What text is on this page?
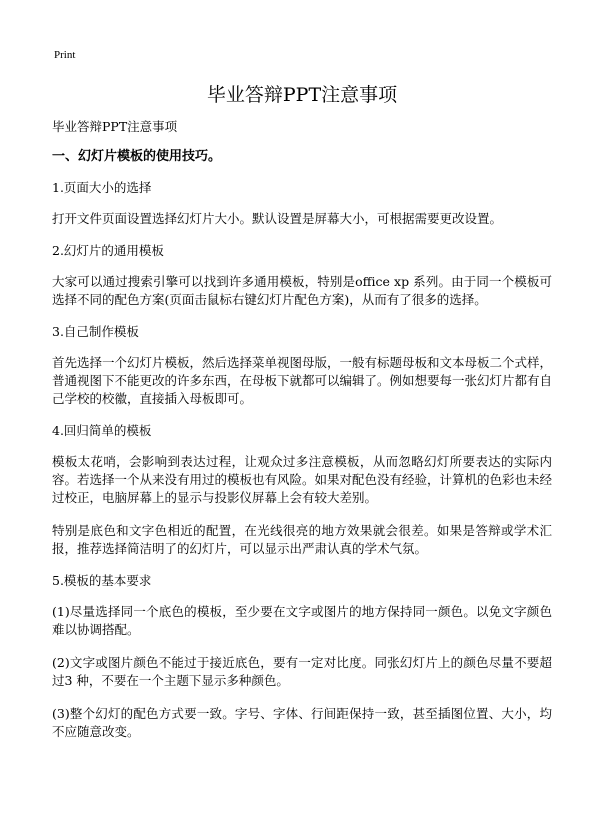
Print
毕业答辩PPT注意事项
毕业答辩PPT注意事项
一、幻灯片模板的使用技巧。
1.页面大小的选择

打开文件页面设置选择幻灯片大小。默认设置是屏幕大小，可根据需要更改设置。

2.幻灯片的通用模板

大家可以通过搜索引擎可以找到许多通用模板，特别是office xp 系列。由于同一个模板可选择不同的配色方案(页面击鼠标右键幻灯片配色方案)，从而有了很多的选择。

3.自己制作模板

首先选择一个幻灯片模板，然后选择菜单视图母版，一般有标题母板和文本母板二个式样，普通视图下不能更改的许多东西，在母板下就都可以编辑了。例如想要每一张幻灯片都有自己学校的校徽，直接插入母板即可。

4.回归简单的模板

模板太花哨，会影响到表达过程，让观众过多注意模板，从而忽略幻灯所要表达的实际内容。若选择一个从来没有用过的模板也有风险。如果对配色没有经验，计算机的色彩也未经过校正，电脑屏幕上的显示与投影仪屏幕上会有较大差别。

特别是底色和文字色相近的配置，在光线很亮的地方效果就会很差。如果是答辩或学术汇报，推荐选择简洁明了的幻灯片，可以显示出严肃认真的学术气氛。

5.模板的基本要求

(1)尽量选择同一个底色的模板，至少要在文字或图片的地方保持同一颜色。以免文字颜色难以协调搭配。

(2)文字或图片颜色不能过于接近底色，要有一定对比度。同张幻灯片上的颜色尽量不要超过3 种，不要在一个主题下显示多种颜色。

(3)整个幻灯的配色方式要一致。字号、字体、行间距保持一致，甚至插图位置、大小，均不应随意改变。
